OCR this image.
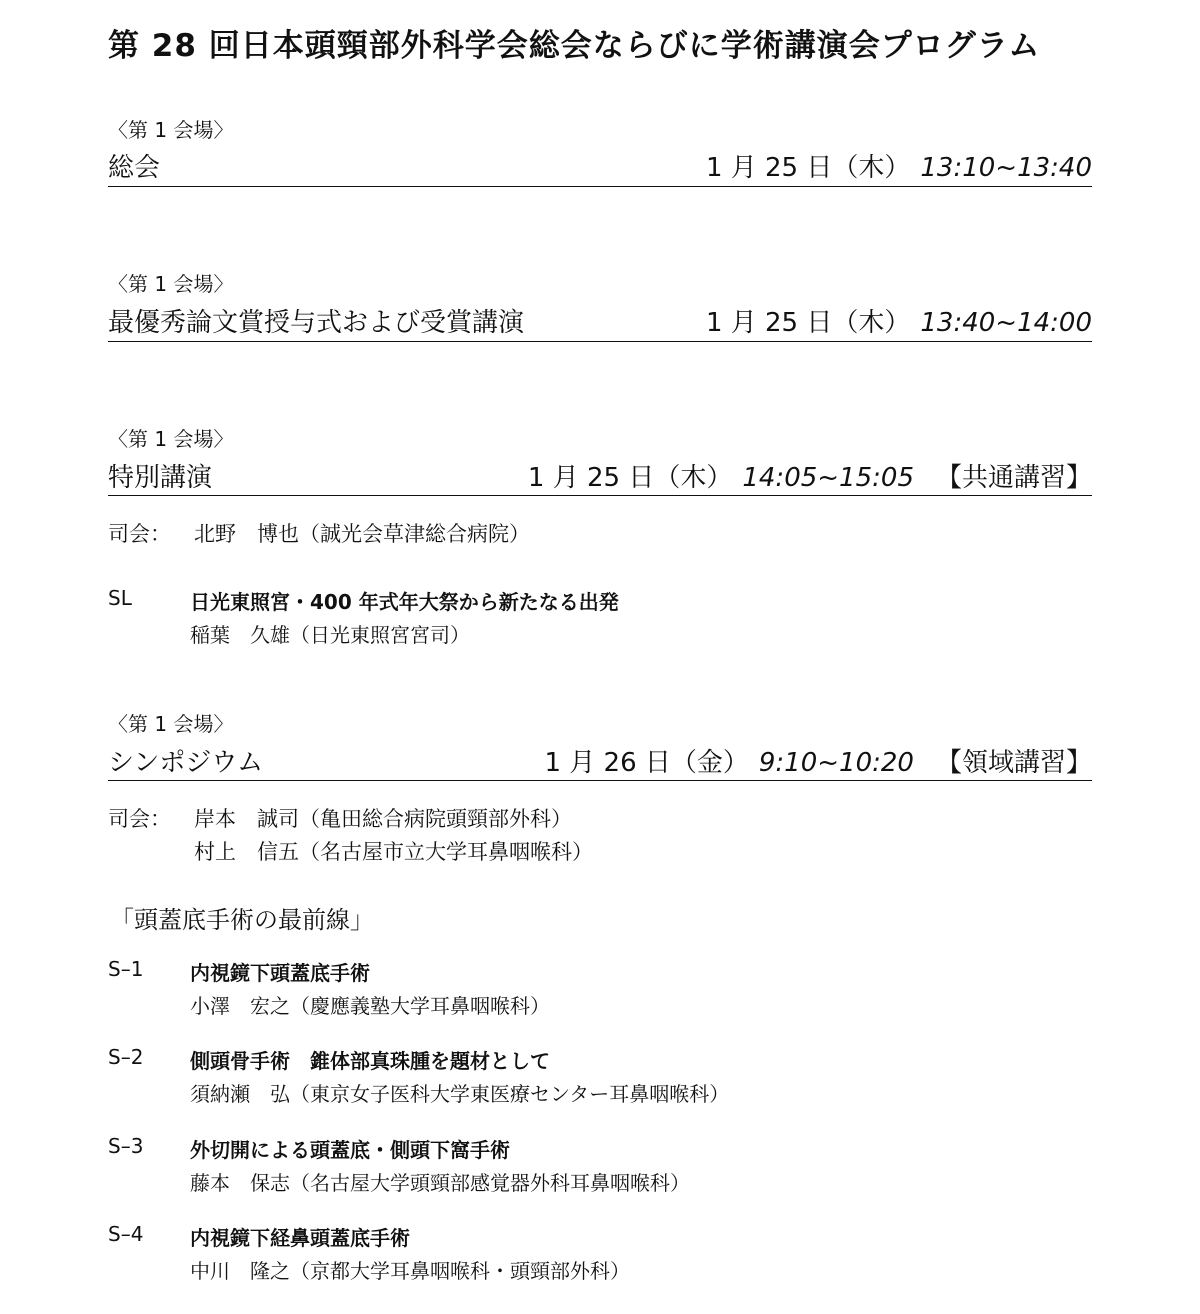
第 28 回日本頭頸部外科学会総会ならびに学術講演会プログラム
〈第 1 会場〉
総会	1 月 25 日（木） 13:10~13:40
〈第 1 会場〉
最優秀論文賞授与式および受賞講演	1 月 25 日（木） 13:40~14:00
〈第 1 会場〉
特別講演	1 月 25 日（木） 14:05~15:05 【共通講習】
司会： 北野　博也（誠光会草津総合病院）
SL	日光東照宮・400 年式年大祭から新たなる出発
稲葉　久雄（日光東照宮宮司）
〈第 1 会場〉
シンポジウム	1 月 26 日（金） 9:10~10:20 【領域講習】
司会： 岸本　誠司（亀田総合病院頭頸部外科）
村上　信五（名古屋市立大学耳鼻咽喉科）
「頭蓋底手術の最前線」
S–1 内視鏡下頭蓋底手術
小澤　宏之（慶應義塾大学耳鼻咽喉科）
S–2 側頭骨手術　錐体部真珠腫を題材として
須納瀬　弘（東京女子医科大学東医療センター耳鼻咽喉科）
S–3 外切開による頭蓋底・側頭下窩手術
藤本　保志（名古屋大学頭頸部感覚器外科耳鼻咽喉科）
S–4 内視鏡下経鼻頭蓋底手術
中川　隆之（京都大学耳鼻咽喉科・頭頸部外科）
